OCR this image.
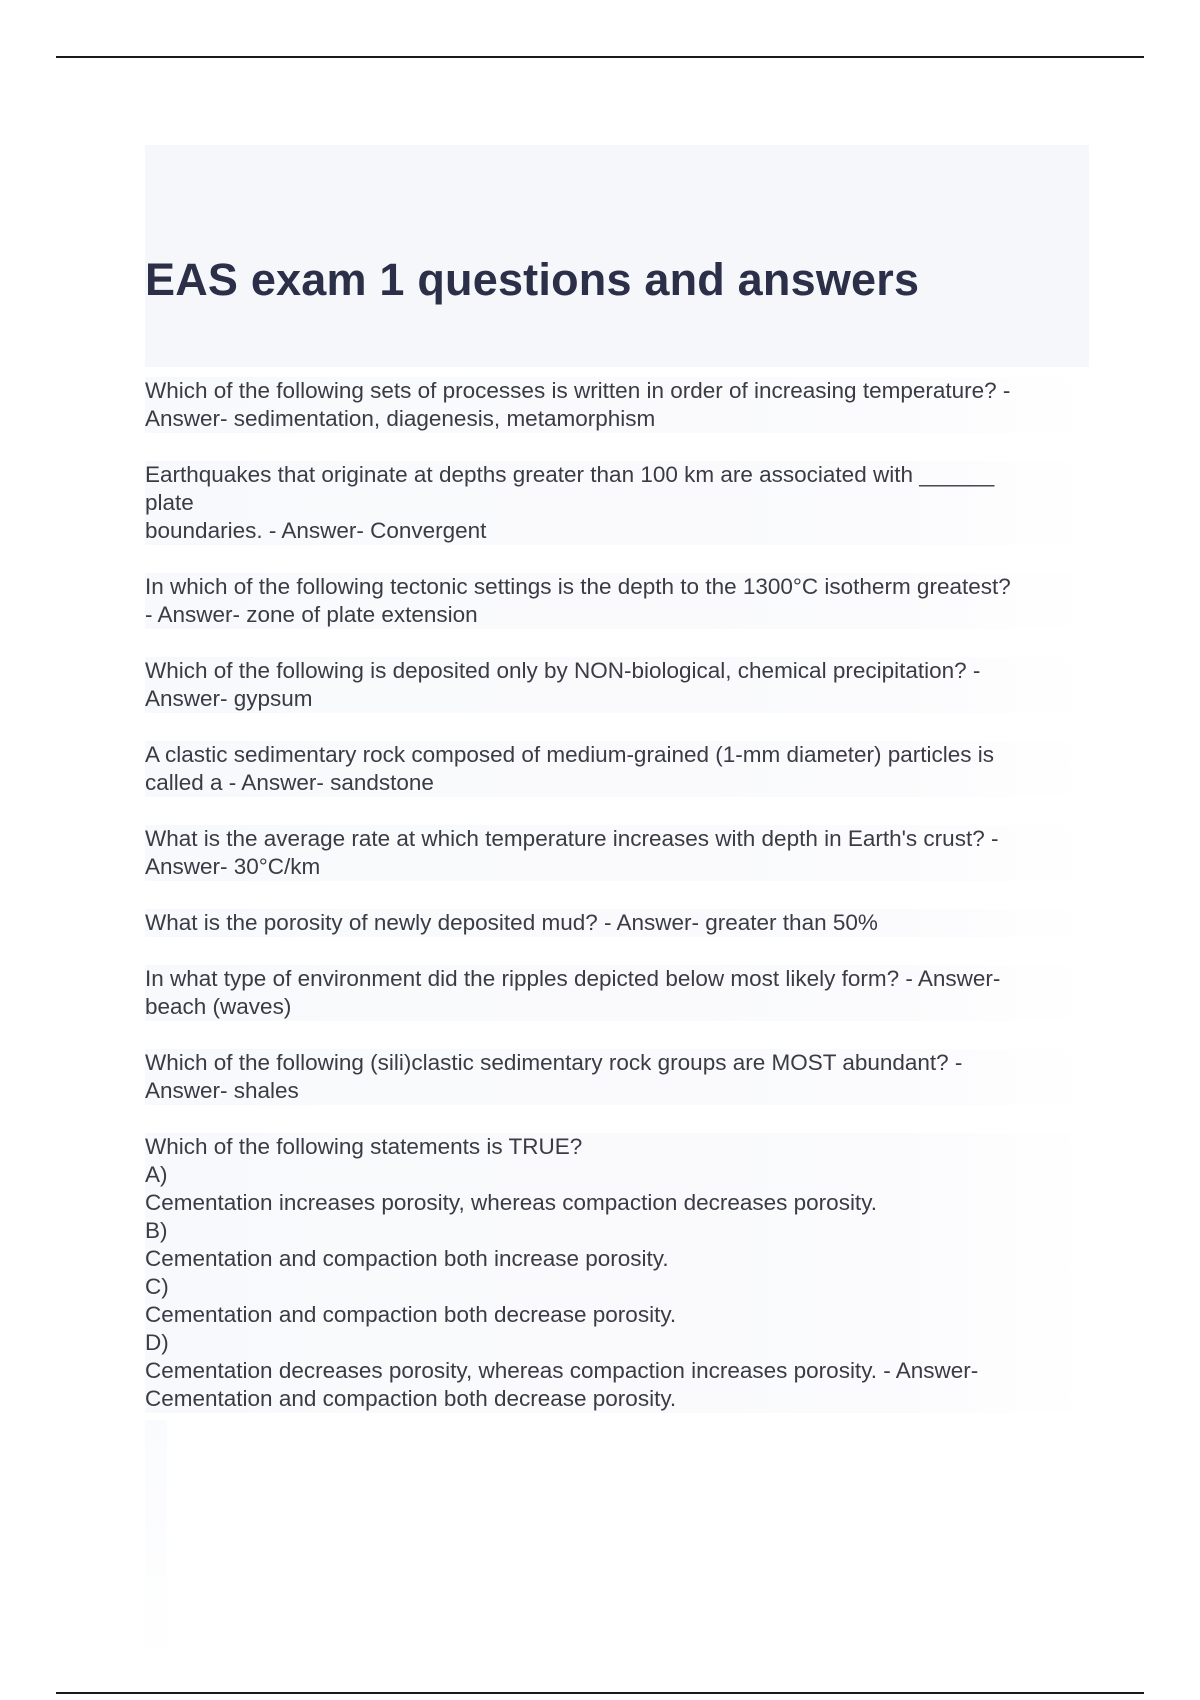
EAS exam 1 questions and answers
Which of the following sets of processes is written in order of increasing temperature? -
Answer- sedimentation, diagenesis, metamorphism
Earthquakes that originate at depths greater than 100 km are associated with ______
plate
boundaries. - Answer- Convergent
In which of the following tectonic settings is the depth to the 1300°C isotherm greatest?
- Answer- zone of plate extension
Which of the following is deposited only by NON-biological, chemical precipitation? -
Answer- gypsum
A clastic sedimentary rock composed of medium-grained (1-mm diameter) particles is
called a - Answer- sandstone
What is the average rate at which temperature increases with depth in Earth's crust? -
Answer- 30°C/km
What is the porosity of newly deposited mud? - Answer- greater than 50%
In what type of environment did the ripples depicted below most likely form? - Answer-
beach (waves)
Which of the following (sili)clastic sedimentary rock groups are MOST abundant? -
Answer- shales
Which of the following statements is TRUE?
A)
Cementation increases porosity, whereas compaction decreases porosity.
B)
Cementation and compaction both increase porosity.
C)
Cementation and compaction both decrease porosity.
D)
Cementation decreases porosity, whereas compaction increases porosity. - Answer-
Cementation and compaction both decrease porosity.
